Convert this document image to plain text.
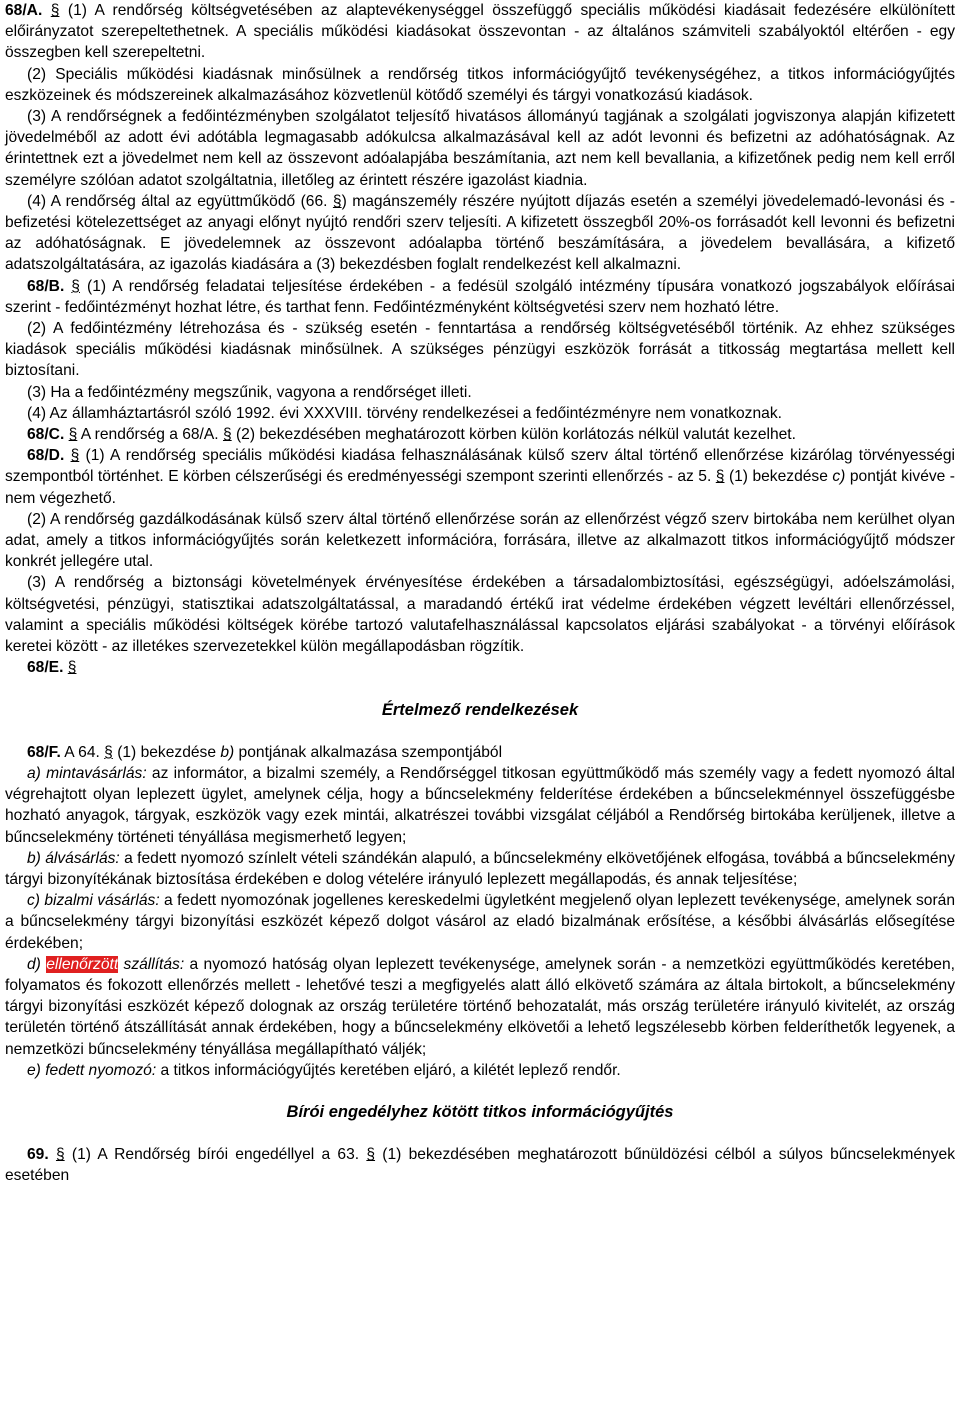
68/A. § (1) A rendőrség költségvetésében az alaptevékenységgel összefüggő speciális működési kiadásait fedezésére elkülönített előirányzatot szerepeltethetnek. A speciális működési kiadásokat összevontan - az általános számviteli szabályoktól eltérően - egy összegben kell szerepeltetni.

(2) Speciális működési kiadásnak minősülnek a rendőrség titkos információgyűjtő tevékenységéhez, a titkos információgyűjtés eszközeinek és módszereinek alkalmazásához közvetlenül kötődő személyi és tárgyi vonatkozású kiadások.

(3) A rendőrségnek a fedőintézményben szolgálatot teljesítő hivatásos állományú tagjának a szolgálati jogviszonya alapján kifizetett jövedelméből az adott évi adótábla legmagasabb adókulcsa alkalmazásával kell az adót levonni és befizetni az adóhatóságnak. Az érintettnek ezt a jövedelmet nem kell az összevont adóalapjába beszámítania, azt nem kell bevallania, a kifizetőnek pedig nem kell erről személyre szólóan adatot szolgáltatnia, illetőleg az érintett részére igazolást kiadnia.

(4) A rendőrség által az együttműködő (66. §) magánszemély részére nyújtott díjazás esetén a személyi jövedelemadó-levonási és -befizetési kötelezettséget az anyagi előnyt nyújtó rendőri szerv teljesíti. A kifizetett összegből 20%-os forrásadót kell levonni és befizetni az adóhatóságnak. E jövedelemnek az összevont adóalapba történő beszámítására, a jövedelem bevallására, a kifizető adatszolgáltatására, az igazolás kiadására a (3) bekezdésben foglalt rendelkezést kell alkalmazni.

68/B. § (1) A rendőrség feladatai teljesítése érdekében - a fedésül szolgáló intézmény típusára vonatkozó jogszabályok előírásai szerint - fedőintézményt hozhat létre, és tarthat fenn. Fedőintézményként költségvetési szerv nem hozható létre.

(2) A fedőintézmény létrehozása és - szükség esetén - fenntartása a rendőrség költségvetéséből történik. Az ehhez szükséges kiadások speciális működési kiadásnak minősülnek. A szükséges pénzügyi eszközök forrását a titkosság megtartása mellett kell biztosítani.

(3) Ha a fedőintézmény megszűnik, vagyona a rendőrséget illeti.

(4) Az államháztartásról szóló 1992. évi XXXVIII. törvény rendelkezései a fedőintézményre nem vonatkoznak.

68/C. § A rendőrség a 68/A. § (2) bekezdésében meghatározott körben külön korlátozás nélkül valutát kezelhet.

68/D. § (1) A rendőrség speciális működési kiadása felhasználásának külső szerv által történő ellenőrzése kizárólag törvényességi szempontból történhet. E körben célszerűségi és eredményességi szempont szerinti ellenőrzés - az 5. § (1) bekezdése c) pontját kivéve - nem végezhető.

(2) A rendőrség gazdálkodásának külső szerv által történő ellenőrzése során az ellenőrzést végző szerv birtokába nem kerülhet olyan adat, amely a titkos információgyűjtés során keletkezett információra, forrására, illetve az alkalmazott titkos információgyűjtő módszer konkrét jellegére utal.

(3) A rendőrség a biztonsági követelmények érvényesítése érdekében a társadalombiztosítási, egészségügyi, adóelszámolási, költségvetési, pénzügyi, statisztikai adatszolgáltatással, a maradandó értékű irat védelme érdekében végzett levéltári ellenőrzéssel, valamint a speciális működési költségek körébe tartozó valutafelhasználással kapcsolatos eljárási szabályokat - a törvényi előírások keretei között - az illetékes szervezetekkel külön megállapodásban rögzítik.

68/E. §

Értelmező rendelkezések

68/F. A 64. § (1) bekezdése b) pontjának alkalmazása szempontjából

a) mintavásárlás: az informátor, a bizalmi személy, a Rendőrséggel titkosan együttműködő más személy vagy a fedett nyomozó által végrehajtott olyan leplezett ügylet, amelynek célja, hogy a bűncselekmény felderítése érdekében a bűncselekménnyel összefüggésbe hozható anyagok, tárgyak, eszközök vagy ezek mintái, alkatrészei további vizsgálat céljából a Rendőrség birtokába kerüljenek, illetve a bűncselekmény történeti tényállása megismerhető legyen;

b) álvásárlás: a fedett nyomozó színlelt vételi szándékán alapuló, a bűncselekmény elkövetőjének elfogása, továbbá a bűncselekmény tárgyi bizonyítékának biztosítása érdekében e dolog vételére irányuló leplezett megállapodás, és annak teljesítése;

c) bizalmi vásárlás: a fedett nyomozónak jogellenes kereskedelmi ügyletként megjelenő olyan leplezett tevékenysége, amelynek során a bűncselekmény tárgyi bizonyítási eszközét képező dolgot vásárol az eladó bizalmának erősítése, a későbbi álvásárlás elősegítése érdekében;

d) ellenőrzött szállítás: a nyomozó hatóság olyan leplezett tevékenysége, amelynek során - a nemzetközi együttműködés keretében, folyamatos és fokozott ellenőrzés mellett - lehetővé teszi a megfigyelés alatt álló elkövető számára az általa birtokolt, a bűncselekmény tárgyi bizonyítási eszközét képező dolognak az ország területére történő behozatalát, más ország területére irányuló kivitelét, az ország területén történő átszállítását annak érdekében, hogy a bűncselekmény elkövetői a lehető legszélesebb körben felderíthetők legyenek, a nemzetközi bűncselekmény tényállása megállapítható váljék;

e) fedett nyomozó: a titkos információgyűjtés keretében eljáró, a kilétét leplező rendőr.

Bírói engedélyhez kötött titkos információgyűjtés

69. § (1) A Rendőrség bírói engedéllyel a 63. § (1) bekezdésében meghatározott bűnüldözési célból a súlyos bűncselekmények esetében
